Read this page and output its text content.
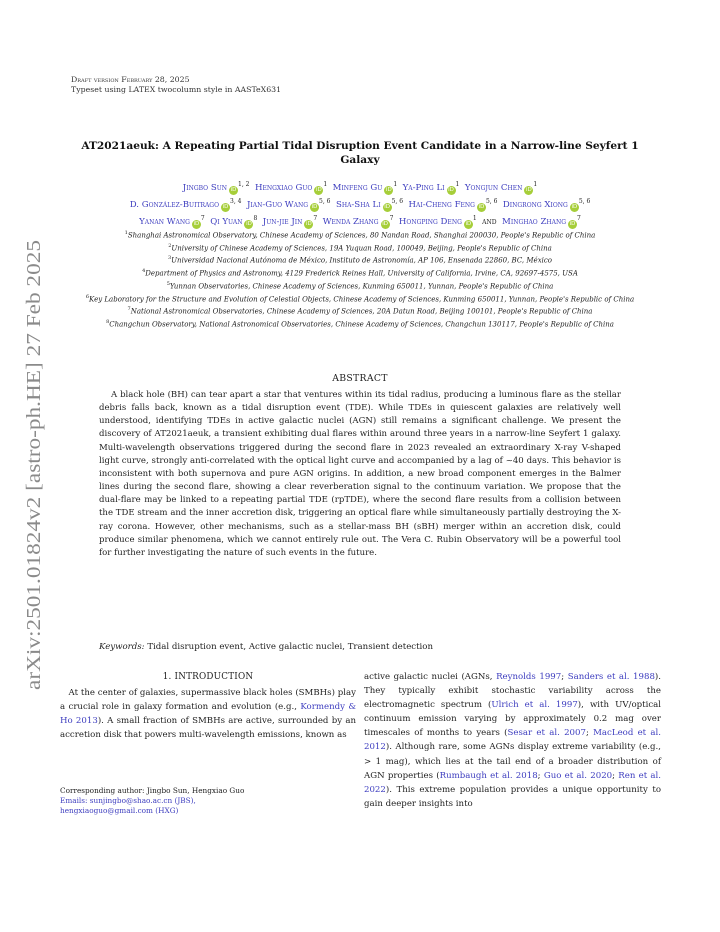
arXiv:2501.01824v2 [astro-ph.HE] 27 Feb 2025
Draft version February 28, 2025
Typeset using LATEX twocolumn style in AASTeX631
AT2021aeuk: A Repeating Partial Tidal Disruption Event Candidate in a Narrow-line Seyfert 1 Galaxy
Jingbo Sun iD$^{1, 2}$ Hengxiao Guo $iD^1$ Minfeng Gu $iD^1$ Ya-Ping Li $iD^1$ Yongjun Chen $iD^1$
D. González-Buitrago iD$^{3, 4}$ Jian-Guo Wang iD$^{5, 6}$ Sha-Sha Li iD$^{5, 6}$ Hai-Cheng Feng iD$^{5, 6}$ Dingrong Xiong iD$^{5, 6}$
Yanan Wang $iD^7$ Qi Yuan $iD^8$ Jun-jie Jin $iD^7$ Wenda Zhang $iD^7$ Hongping Deng $iD^1$ and Minghao Zhang $iD^7$
$^1$Shanghai Astronomical Observatory, Chinese Academy of Sciences, 80 Nandan Road, Shanghai 200030, People's Republic of China
$^2$University of Chinese Academy of Sciences, 19A Yuquan Road, 100049, Beijing, People's Republic of China
$^3$Universidad Nacional Autónoma de México, Instituto de Astronomía, AP 106, Ensenada 22860, BC, México
$^4$Department of Physics and Astronomy, 4129 Frederick Reines Hall, University of California, Irvine, CA, 92697-4575, USA
$^5$Yunnan Observatories, Chinese Academy of Sciences, Kunming 650011, Yunnan, People's Republic of China
$^6$Key Laboratory for the Structure and Evolution of Celestial Objects, Chinese Academy of Sciences, Kunming 650011, Yunnan, People's Republic of China
$^7$National Astronomical Observatories, Chinese Academy of Sciences, 20A Datun Road, Beijing 100101, People's Republic of China
$^8$Changchun Observatory, National Astronomical Observatories, Chinese Academy of Sciences, Changchun 130117, People's Republic of China
ABSTRACT
A black hole (BH) can tear apart a star that ventures within its tidal radius, producing a luminous flare as the stellar debris falls back, known as a tidal disruption event (TDE). While TDEs in quiescent galaxies are relatively well understood, identifying TDEs in active galactic nuclei (AGN) still remains a significant challenge. We present the discovery of AT2021aeuk, a transient exhibiting dual flares within around three years in a narrow-line Seyfert 1 galaxy. Multi-wavelength observations triggered during the second flare in 2023 revealed an extraordinary X-ray V-shaped light curve, strongly anti-correlated with the optical light curve and accompanied by a lag of ~40 days. This behavior is inconsistent with both supernova and pure AGN origins. In addition, a new broad component emerges in the Balmer lines during the second flare, showing a clear reverberation signal to the continuum variation. We propose that the dual-flare may be linked to a repeating partial TDE (rpTDE), where the second flare results from a collision between the TDE stream and the inner accretion disk, triggering an optical flare while simultaneously partially destroying the X-ray corona. However, other mechanisms, such as a stellar-mass BH (sBH) merger within an accretion disk, could produce similar phenomena, which we cannot entirely rule out. The Vera C. Rubin Observatory will be a powerful tool for further investigating the nature of such events in the future.
Keywords: Tidal disruption event, Active galactic nuclei, Transient detection
1. INTRODUCTION
At the center of galaxies, supermassive black holes (SMBHs) play a crucial role in galaxy formation and evolution (e.g., Kormendy & Ho 2013). A small fraction of SMBHs are active, surrounded by an accretion disk that powers multi-wavelength emissions, known as
active galactic nuclei (AGNs, Reynolds 1997; Sanders et al. 1988). They typically exhibit stochastic variability across the electromagnetic spectrum (Ulrich et al. 1997), with UV/optical continuum emission varying by approximately 0.2 mag over timescales of months to years (Sesar et al. 2007; MacLeod et al. 2012). Although rare, some AGNs display extreme variability (e.g., > 1 mag), which lies at the tail end of a broader distribution of AGN properties (Rumbaugh et al. 2018; Guo et al. 2020; Ren et al. 2022). This extreme population provides a unique opportunity to gain deeper insights into
Corresponding author: Jingbo Sun, Hengxiao Guo
Emails: sunjingbo@shao.ac.cn (JBS),
hengxiaoguo@gmail.com (HXG)
